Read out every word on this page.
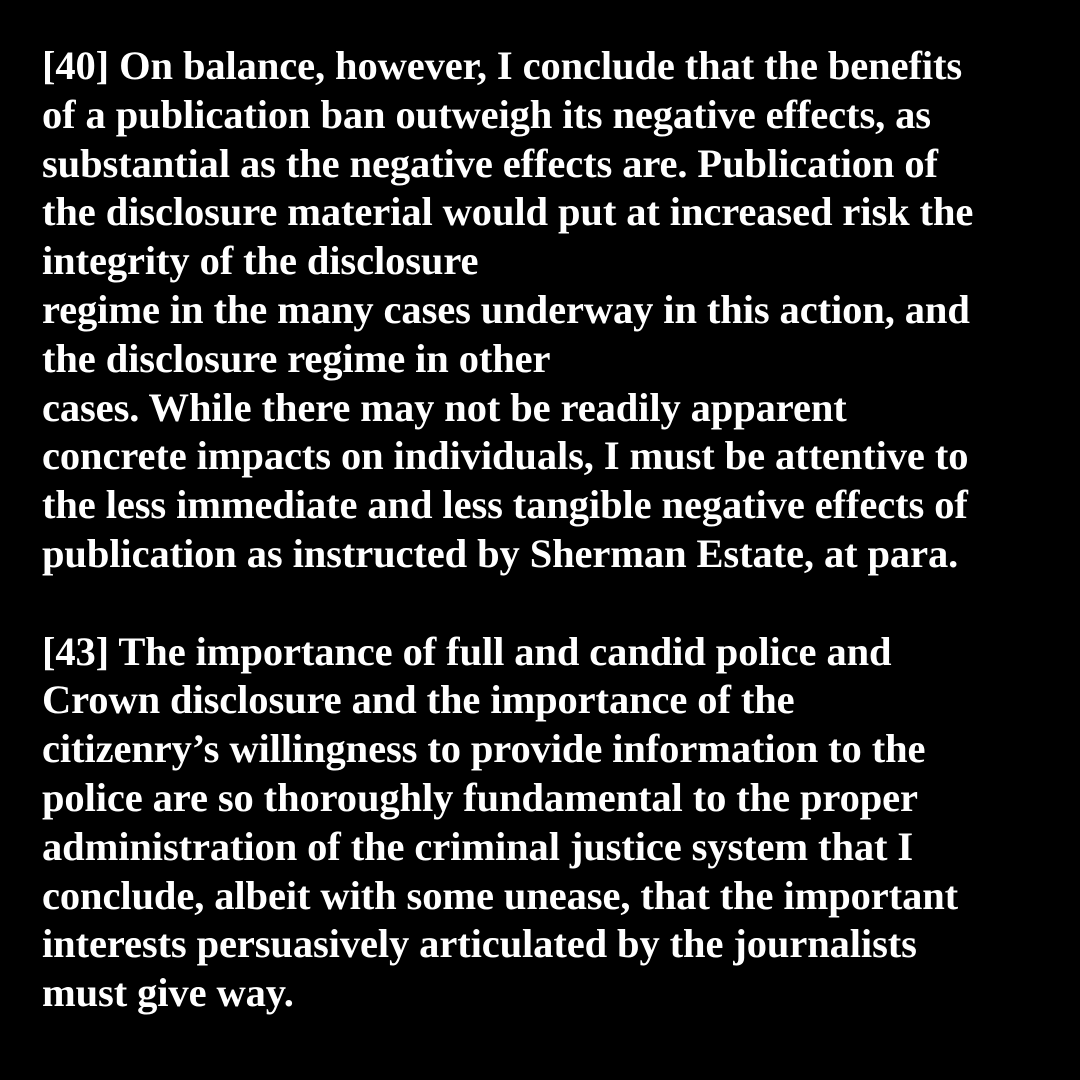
[40] On balance, however, I conclude that the benefits
of a publication ban outweigh its negative effects, as
substantial as the negative effects are. Publication of
the disclosure material would put at increased risk the
integrity of the disclosure
regime in the many cases underway in this action, and
the disclosure regime in other
cases. While there may not be readily apparent
concrete impacts on individuals, I must be attentive to
the less immediate and less tangible negative effects of
publication as instructed by Sherman Estate, at para.

[43] The importance of full and candid police and
Crown disclosure and the importance of the
citizenry’s willingness to provide information to the
police are so thoroughly fundamental to the proper
administration of the criminal justice system that I
conclude, albeit with some unease, that the important
interests persuasively articulated by the journalists
must give way.
